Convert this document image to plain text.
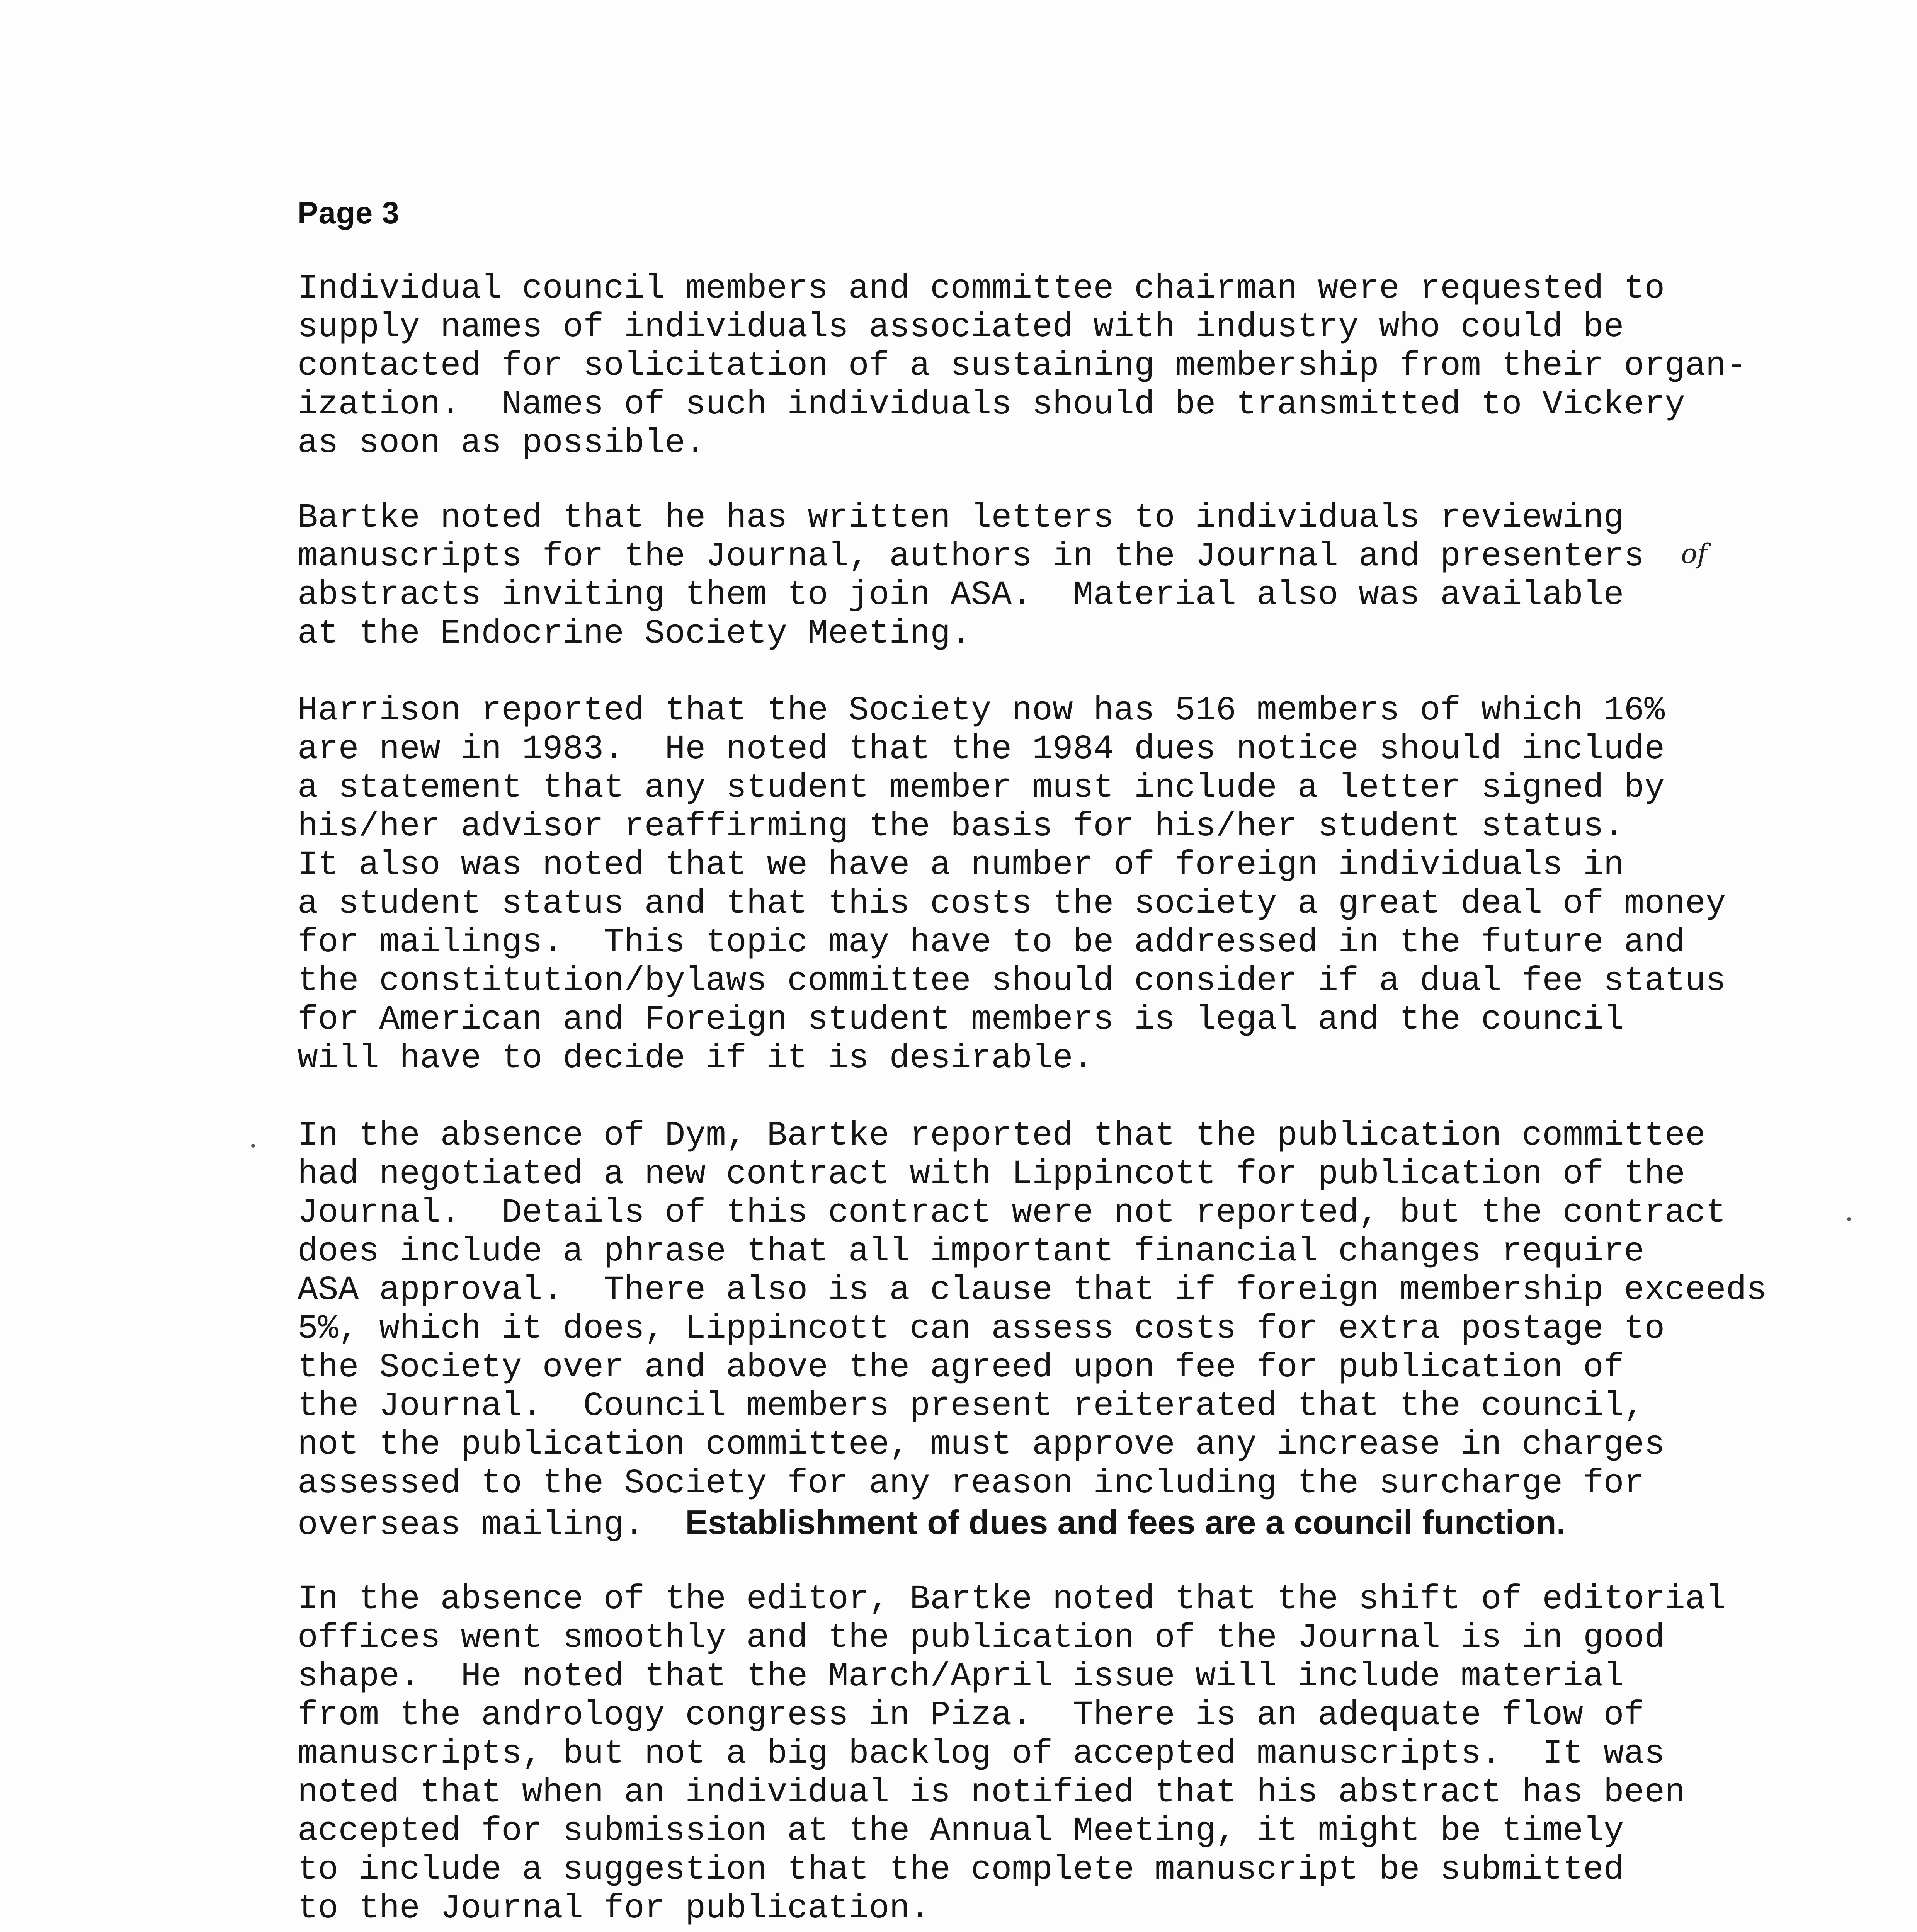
Page 3

Individual council members and committee chairman were requested to
supply names of individuals associated with industry who could be
contacted for solicitation of a sustaining membership from their organ-
ization.  Names of such individuals should be transmitted to Vickery
as soon as possible.

Bartke noted that he has written letters to individuals reviewing
manuscripts for the Journal, authors in the Journal and presenters
abstracts inviting them to join ASA.  Material also was available
at the Endocrine Society Meeting.

of

Harrison reported that the Society now has 516 members of which 16%
are new in 1983.  He noted that the 1984 dues notice should include
a statement that any student member must include a letter signed by
his/her advisor reaffirming the basis for his/her student status.
It also was noted that we have a number of foreign individuals in
a student status and that this costs the society a great deal of money
for mailings.  This topic may have to be addressed in the future and
the constitution/bylaws committee should consider if a dual fee status
for American and Foreign student members is legal and the council
will have to decide if it is desirable.

In the absence of Dym, Bartke reported that the publication committee
had negotiated a new contract with Lippincott for publication of the
Journal.  Details of this contract were not reported, but the contract
does include a phrase that all important financial changes require
ASA approval.  There also is a clause that if foreign membership exceeds
5%, which it does, Lippincott can assess costs for extra postage to
the Society over and above the agreed upon fee for publication of
the Journal.  Council members present reiterated that the council,
not the publication committee, must approve any increase in charges
assessed to the Society for any reason including the surcharge for
overseas mailing.  Establishment of dues and fees are a council function.

In the absence of the editor, Bartke noted that the shift of editorial
offices went smoothly and the publication of the Journal is in good
shape.  He noted that the March/April issue will include material
from the andrology congress in Piza.  There is an adequate flow of
manuscripts, but not a big backlog of accepted manuscripts.  It was
noted that when an individual is notified that his abstract has been
accepted for submission at the Annual Meeting, it might be timely
to include a suggestion that the complete manuscript be submitted
to the Journal for publication.
